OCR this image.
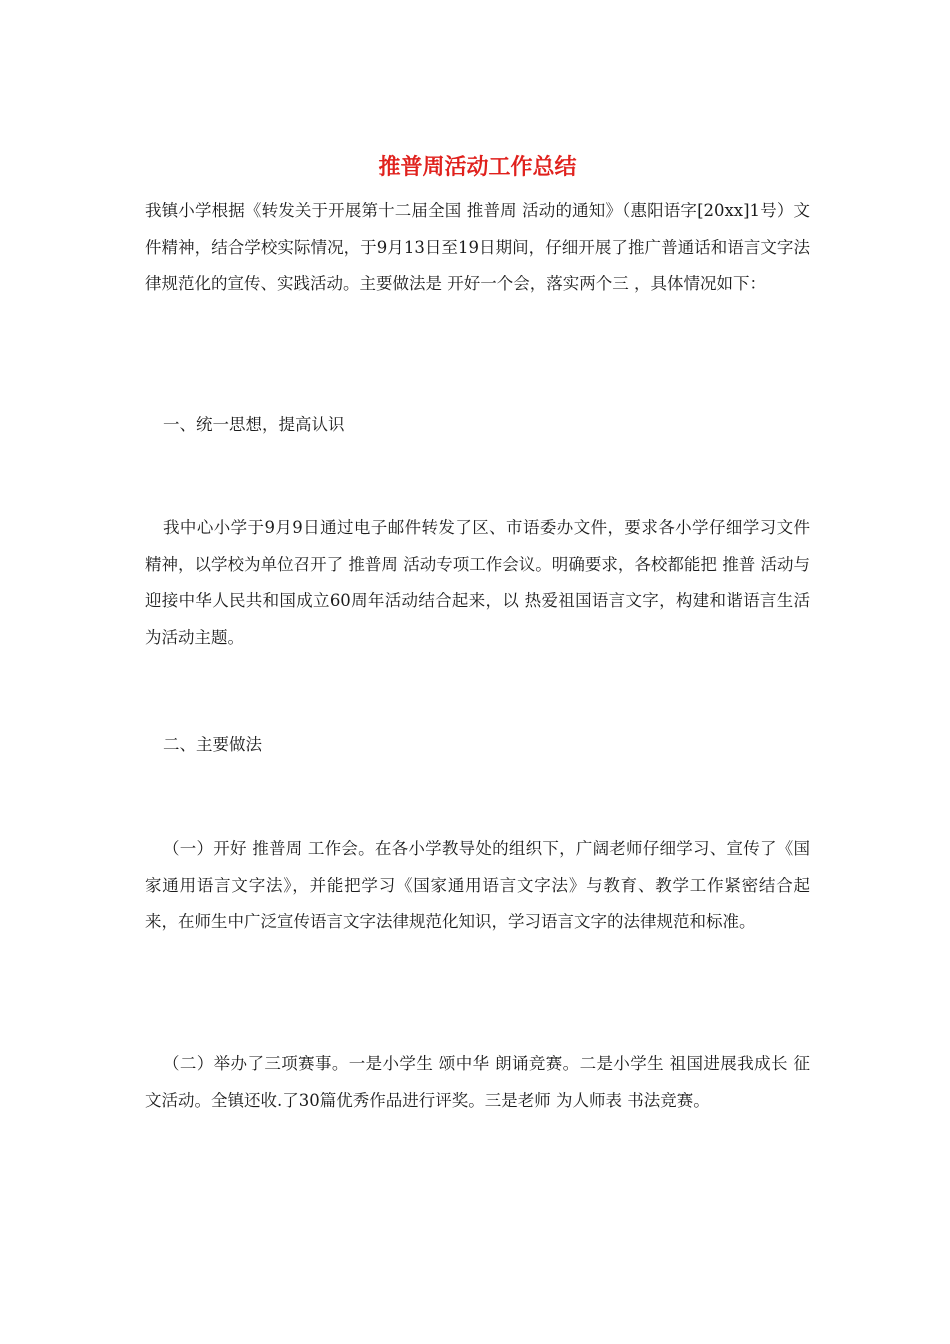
推普周活动工作总结
我镇小学根据《转发关于开展第十二届全国 推普周 活动的通知》（惠阳语字[20xx]1号）文件精神，结合学校实际情况，于9月13日至19日期间，仔细开展了推广普通话和语言文字法律规范化的宣传、实践活动。主要做法是 开好一个会，落实两个三 ，具体情况如下：
一、统一思想，提高认识
我中心小学于9月9日通过电子邮件转发了区、市语委办文件，要求各小学仔细学习文件精神，以学校为单位召开了 推普周 活动专项工作会议。明确要求，各校都能把 推普 活动与迎接中华人民共和国成立60周年活动结合起来，以 热爱祖国语言文字，构建和谐语言生活 为活动主题。
二、主要做法
（一）开好 推普周 工作会。在各小学教导处的组织下，广阔老师仔细学习、宣传了《国家通用语言文字法》，并能把学习《国家通用语言文字法》与教育、教学工作紧密结合起来，在师生中广泛宣传语言文字法律规范化知识，学习语言文字的法律规范和标准。
（二）举办了三项赛事。一是小学生 颂中华 朗诵竞赛。二是小学生 祖国进展我成长 征文活动。全镇还收.了30篇优秀作品进行评奖。三是老师 为人师表 书法竞赛。
